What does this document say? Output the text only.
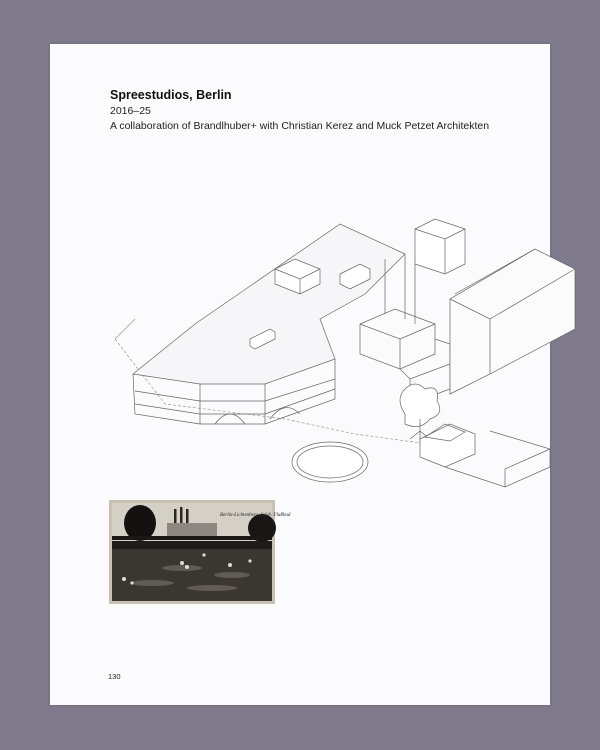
Spreestudios, Berlin
2016–25
A collaboration of Brandlhuber+ with Christian Kerez and Muck Petzet Architekten
Berlin-Lichtenberg, Städt. Flußbad
130
